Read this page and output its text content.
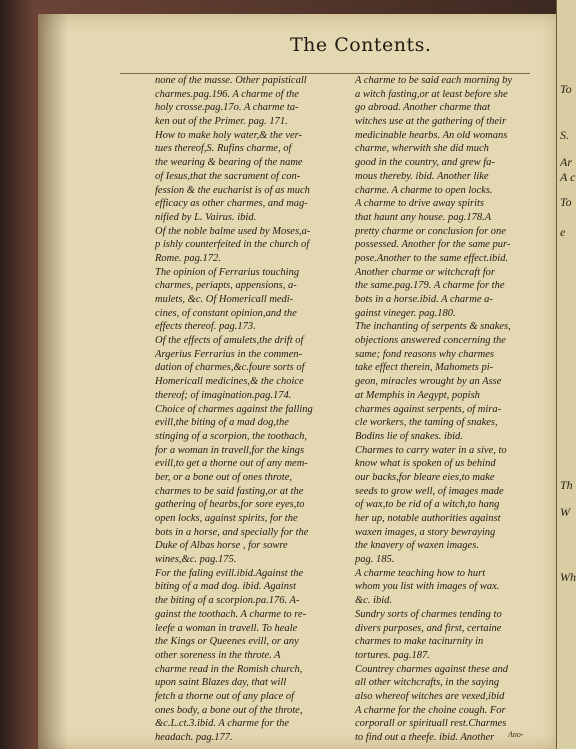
The Contents.
none of the masse. Other papisticall
charmes.pag.196. A charme of the
holy crosse.pag.17o. A charme ta-
ken out of the Primer. pag. 171.
How to make holy water,& the ver-
tues thereof,S. Rufins charme, of
the wearing & bearing of the name
of Iesus,that the sacrament of con-
fession & the eucharist is of as much
efficacy as other charmes, and mag-
nified by L. Vairus. ibid.
Of the noble balme used by Moses,a-
p ishly counterfeited in the church of
Rome. pag.172.
The opinion of Ferrarius touching
charmes, periapts, appensions, a-
mulets, &c. Of Homericall medi-
cines, of constant opinion,and the
effects thereof. pag.173.
Of the effects of amulets,the drift of
Argerius Ferrarius in the commen-
dation of charmes,&c.foure sorts of
Homericall medicines,& the choice
thereof; of imagination.pag.174.
Choice of charmes against the falling
evill,the biting of a mad dog,the
stinging of a scorpion, the toothach,
for a woman in travell,for the kings
evill,to get a thorne out of any mem-
ber, or a bone out of ones throte,
charmes to be said fasting,or at the
gathering of hearbs,for sore eyes,to
open locks, against spirits, for the
bots in a horse, and specially for the
Duke of Albas horse , for sowre
wines,&c. pag.175.
For the faling evill.ibid.Against the
biting of a mad dog. ibid. Against
the biting of a scorpion.pa.176. A-
gainst the toothach. A charme to re-
leefe a woman in travell. To heale
the Kings or Queenes evill, or any
other soreness in the throte. A
charme read in the Romish church,
upon saint Blazes day, that will
fetch a thorne out of any place of
ones body, a bone out of the throte,
&c.L.ct.3.ibid. A charme for the
headach. pag.177.
A charme to be said each morning by
a witch fasting,or at least before she
go abroad. Another charme that
witches use at the gathering of their
medicinable hearbs. An old womans
charme, wherwith she did much
good in the country, and grew fa-
mous thereby. ibid. Another like
charme. A charme to open locks.
A charme to drive away spirits
that haunt any house. pag.178.A
pretty charme or conclusion for one
possessed. Another for the same pur-
pose.Another to the same effect.ibid.
Another charme or witchcraft for
the same.pag.179. A charme for the
bots in a horse.ibid. A charme a-
gainst vineger. pag.180.
The inchanting of serpents & snakes,
objections answered concerning the
same; fond reasons why charmes
take effect therein, Mahomets pi-
geon, miracles wrought by an Asse
at Memphis in Aegypt, popish
charmes against serpents, of mira-
cle workers, the taming of snakes,
Bodins lie of snakes. ibid.
Charmes to carry water in a sive, to
know what is spoken of us behind
our backs,for bleare eies,to make
seeds to grow well, of images made
of wax,to be rid of a witch,to hang
her up, notable authorities against
waxen images, a story bewraying
the knavery of waxen images.
pag. 185.
A charme teaching how to hurt
whom you list with images of wax.
&c. ibid.
Sundry sorts of charmes tending to
divers purposes, and first, certaine
charmes to make taciturnity in
tortures. pag.187.
Countrey charmes against these and
all other witchcrafts, in the saying
also whereof witches are vexed,ibid
A charme for the choine cough. For
corporall or spirituall rest.Charmes
to find out a theefe. ibid. Another	Ano-
To
S.
Ar
A c
To
e
Th
W
Wh
